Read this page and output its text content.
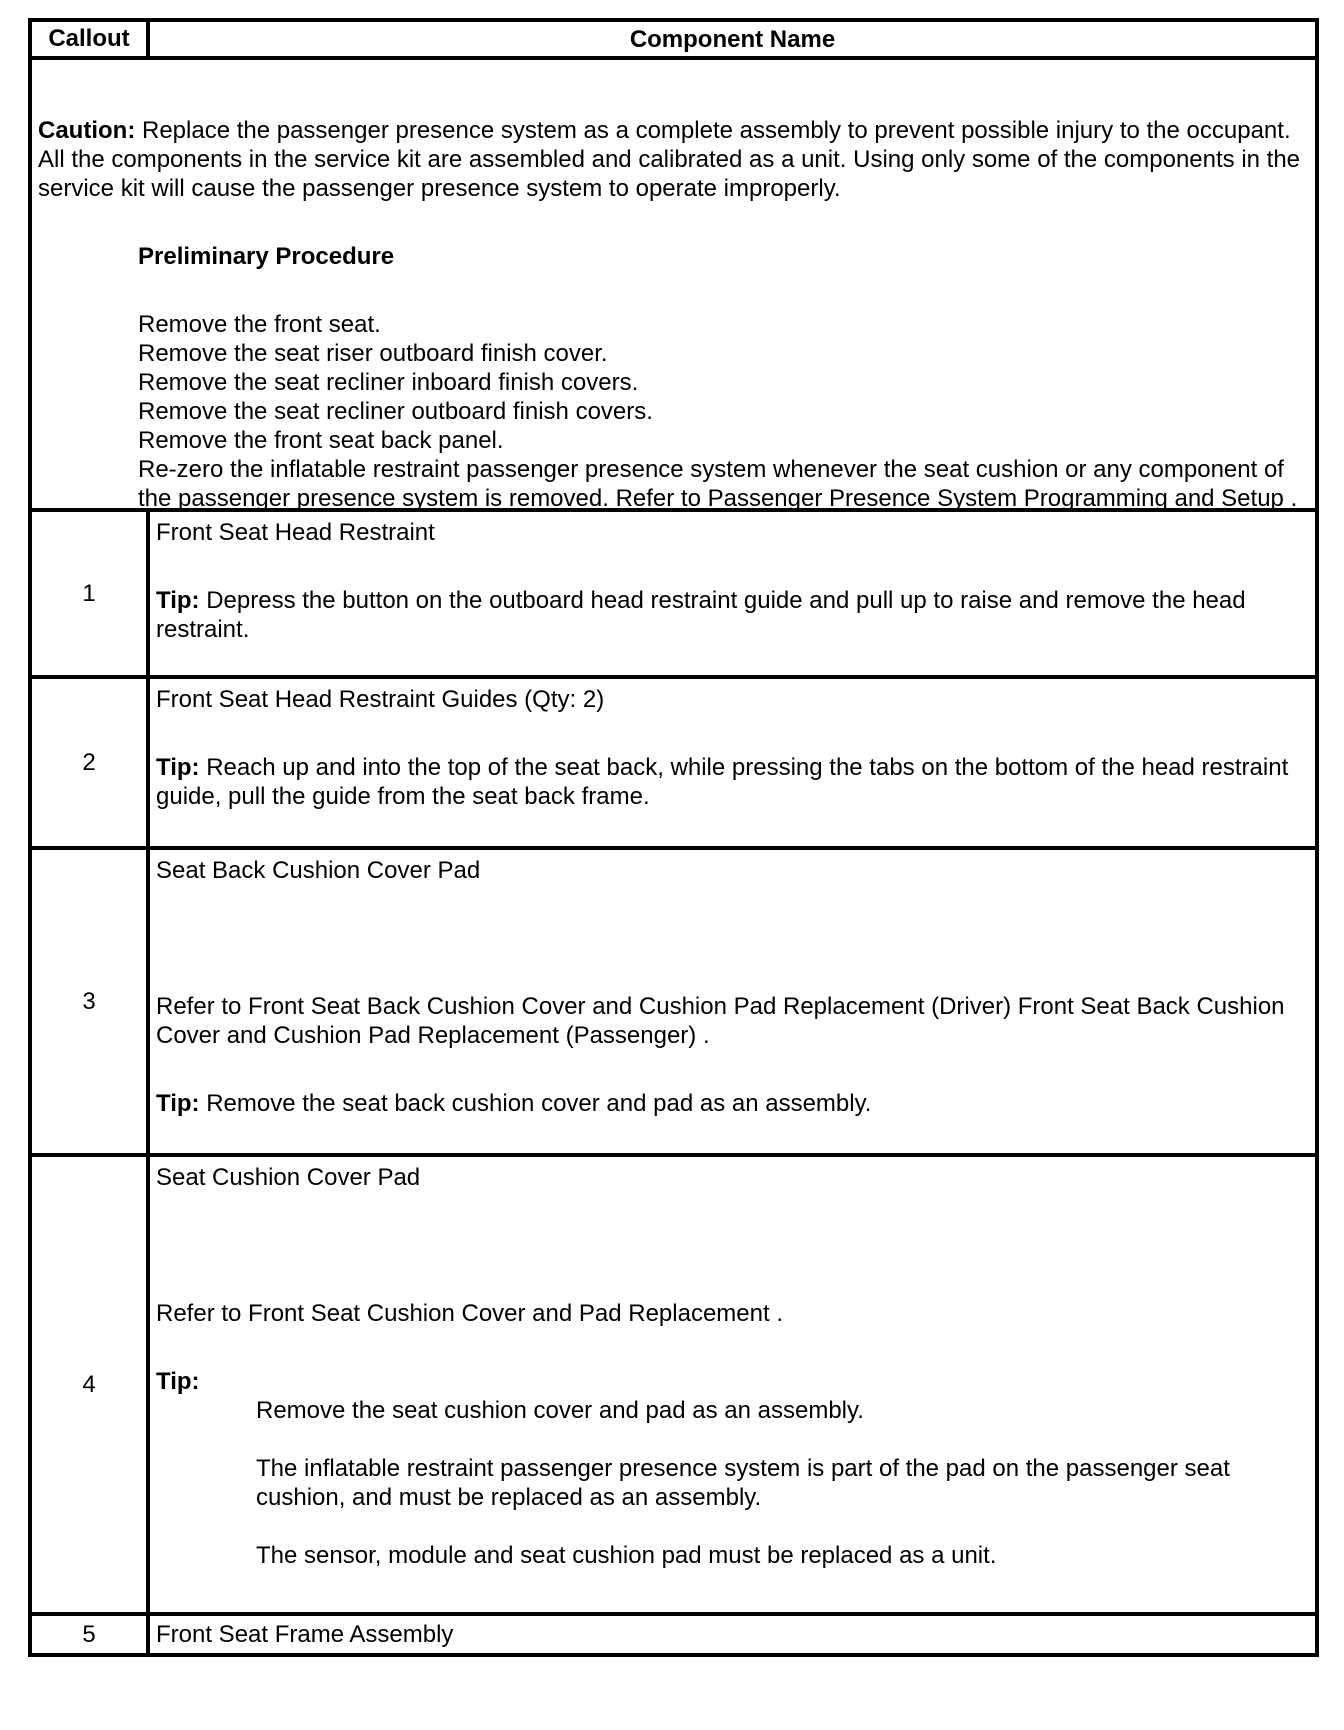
Callout	Component Name

Caution: Replace the passenger presence system as a complete assembly to prevent possible injury to the occupant. All the components in the service kit are assembled and calibrated as a unit. Using only some of the components in the service kit will cause the passenger presence system to operate improperly.

Preliminary Procedure

Remove the front seat.

Remove the seat riser outboard finish cover.

Remove the seat recliner inboard finish covers.

Remove the seat recliner outboard finish covers.

Remove the front seat back panel.

Re-zero the inflatable restraint passenger presence system whenever the seat cushion or any component of the passenger presence system is removed. Refer to Passenger Presence System Programming and Setup .

1

Front Seat Head Restraint

Tip: Depress the button on the outboard head restraint guide and pull up to raise and remove the head restraint.

2

Front Seat Head Restraint Guides (Qty: 2)

Tip: Reach up and into the top of the seat back, while pressing the tabs on the bottom of the head restraint guide, pull the guide from the seat back frame.

3

Seat Back Cushion Cover Pad

Refer to Front Seat Back Cushion Cover and Cushion Pad Replacement (Driver) Front Seat Back Cushion Cover and Cushion Pad Replacement (Passenger) .

Tip: Remove the seat back cushion cover and pad as an assembly.

4

Seat Cushion Cover Pad

Refer to Front Seat Cushion Cover and Pad Replacement .

Tip:

Remove the seat cushion cover and pad as an assembly.

The inflatable restraint passenger presence system is part of the pad on the passenger seat cushion, and must be replaced as an assembly.

The sensor, module and seat cushion pad must be replaced as a unit.

5	Front Seat Frame Assembly
